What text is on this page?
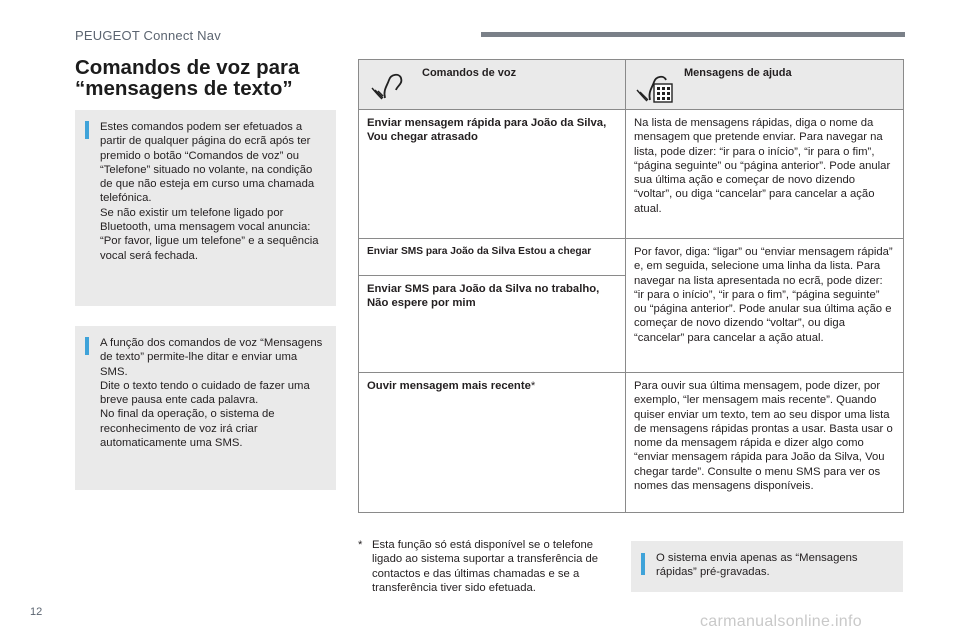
PEUGEOT Connect Nav
Comandos de voz para
“mensagens de texto”

Estes comandos podem ser efetuados a partir de qualquer página do ecrã após ter premido o botão “Comandos de voz” ou “Telefone” situado no volante, na condição de que não esteja em curso uma chamada telefónica.

Se não existir um telefone ligado por Bluetooth, uma mensagem vocal anuncia: “Por favor, ligue um telefone” e a sequência vocal será fechada.

A função dos comandos de voz “Mensagens de texto” permite-lhe ditar e enviar uma SMS.

Dite o texto tendo o cuidado de fazer uma breve pausa ente cada palavra.

No final da operação, o sistema de reconhecimento de voz irá criar automaticamente uma SMS.

Comandos de voz	Mensagens de ajuda

Enviar mensagem rápida para João da Silva, Vou chegar atrasado	Na lista de mensagens rápidas, diga o nome da mensagem que pretende enviar. Para navegar na lista, pode dizer: “ir para o início”, “ir para o fim”, “página seguinte” ou “página anterior”. Pode anular sua última ação e começar de novo dizendo “voltar”, ou diga “cancelar” para cancelar a ação atual.

Enviar SMS para João da Silva Estou a chegar
Enviar SMS para João da Silva no trabalho, Não espere por mim	Por favor, diga: “ligar” ou “enviar mensagem rápida” e, em seguida, selecione uma linha da lista. Para navegar na lista apresentada no ecrã, pode dizer: “ir para o início”, “ir para o fim”, “página seguinte” ou “página anterior”. Pode anular sua última ação e começar de novo dizendo “voltar”, ou diga “cancelar” para cancelar a ação atual.
Ouvir mensagem mais recente*	Para ouvir sua última mensagem, pode dizer, por exemplo, “ler mensagem mais recente”. Quando quiser enviar um texto, tem ao seu dispor uma lista de mensagens rápidas prontas a usar. Basta usar o nome da mensagem rápida e dizer algo como “enviar mensagem rápida para João da Silva, Vou chegar tarde”. Consulte o menu SMS para ver os nomes das mensagens disponíveis.
* Esta função só está disponível se o telefone ligado ao sistema suportar a transferência de contactos e das últimas chamadas e se a transferência tiver sido efetuada.

O sistema envia apenas as “Mensagens rápidas” pré-gravadas.

12
carmanualsonline.info
